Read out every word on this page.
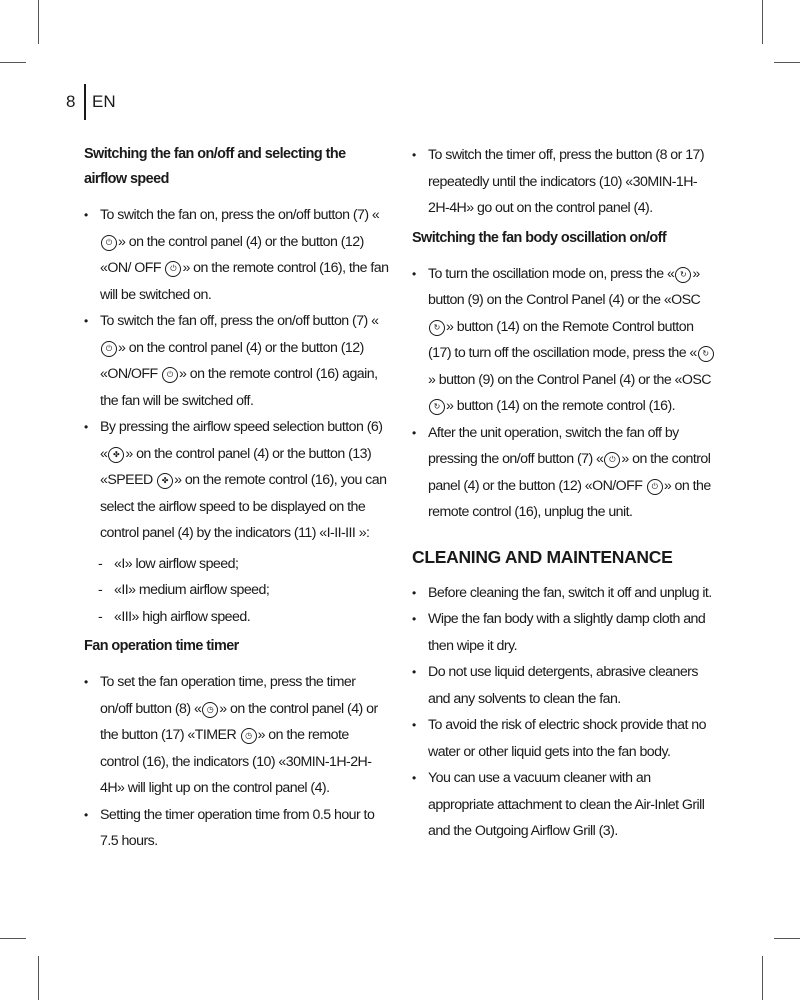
8 EN
Switching the fan on/off and selecting the airflow speed
• To switch the fan on, press the on/off button (7) «⏻ » on the control panel (4) or the button (12) «ON/ OFF ⏻ » on the remote control (16), the fan will be switched on.
• To switch the fan off, press the on/off button (7) «⏻ » on the control panel (4) or the button (12) «ON/OFF ⏻ » on the remote control (16) again, the fan will be switched off.
• By pressing the airflow speed selection button (6) « ✤ » on the control panel (4) or the button (13) «SPEED ✤ » on the remote control (16), you can select the airflow speed to be displayed on the control panel (4) by the indicators (11) «I-II-III »:
- «I» low airflow speed;
- «II» medium airflow speed;
- «III» high airflow speed.
Fan operation time timer
• To set the fan operation time, press the timer on/off button (8) « ◷ » on the control panel (4) or the button (17) «TIMER ◷ » on the remote control (16), the indicators (10) «30MIN-1H-2H-4H» will light up on the control panel (4).
• Setting the timer operation time from 0.5 hour to 7.5 hours.
• To switch the timer off, press the button (8 or 17) repeatedly until the indicators (10) «30MIN-1H-2H-4H» go out on the control panel (4).
Switching the fan body oscillation on/off
• To turn the oscillation mode on, press the « ↻ » button (9) on the Control Panel (4) or the «OSC ↻ » button (14) on the Remote Control button (17) to turn off the oscillation mode, press the « ↻» button (9) on the Control Panel (4) or the «OSC ↻ » button (14) on the remote control (16).
• After the unit operation, switch the fan off by pressing the on/off button (7) « ⏻ » on the control panel (4) or the button (12) «ON/OFF ⏻ » on the remote control (16), unplug the unit.
CLEANING AND MAINTENANCE
• Before cleaning the fan, switch it off and unplug it.
• Wipe the fan body with a slightly damp cloth and then wipe it dry.
• Do not use liquid detergents, abrasive cleaners and any solvents to clean the fan.
• To avoid the risk of electric shock provide that no water or other liquid gets into the fan body.
• You can use a vacuum cleaner with an appropriate attachment to clean the Air-Inlet Grill and the Outgoing Airflow Grill (3).
